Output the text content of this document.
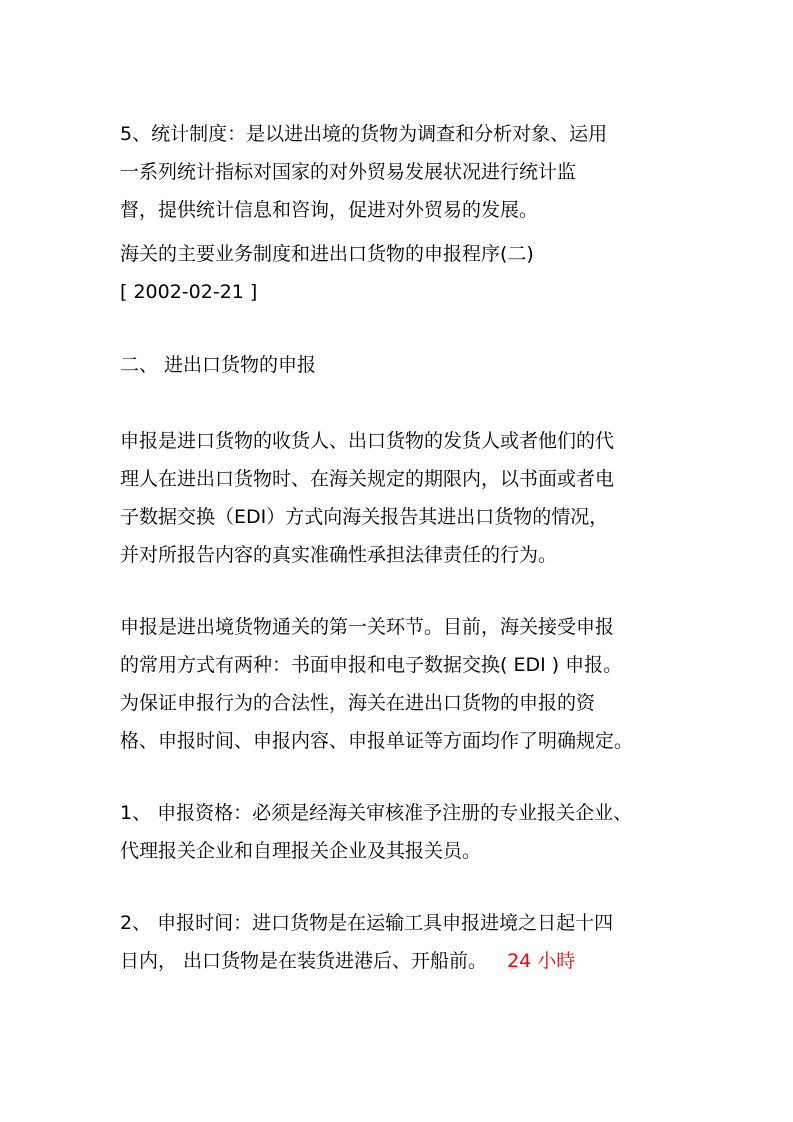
5、统计制度：是以进出境的货物为调查和分析对象、运用
一系列统计指标对国家的对外贸易发展状况进行统计监
督，提供统计信息和咨询，促进对外贸易的发展。
海关的主要业务制度和进出口货物的申报程序(二)
[ 2002-02-21 ]
二、 进出口货物的申报
申报是进口货物的收货人、出口货物的发货人或者他们的代
理人在进出口货物时、在海关规定的期限内，以书面或者电
子数据交换（EDI）方式向海关报告其进出口货物的情况，
并对所报告内容的真实准确性承担法律责任的行为。
申报是进出境货物通关的第一关环节。目前，海关接受申报
的常用方式有两种：书面申报和电子数据交换( EDI ) 申报。
为保证申报行为的合法性，海关在进出口货物的申报的资
格、申报时间、申报内容、申报单证等方面均作了明确规定。
1、 申报资格：必须是经海关审核准予注册的专业报关企业、
代理报关企业和自理报关企业及其报关员。
2、 申报时间：进口货物是在运输工具申报进境之日起十四
日内， 出口货物是在装货进港后、开船前。 24 小時
